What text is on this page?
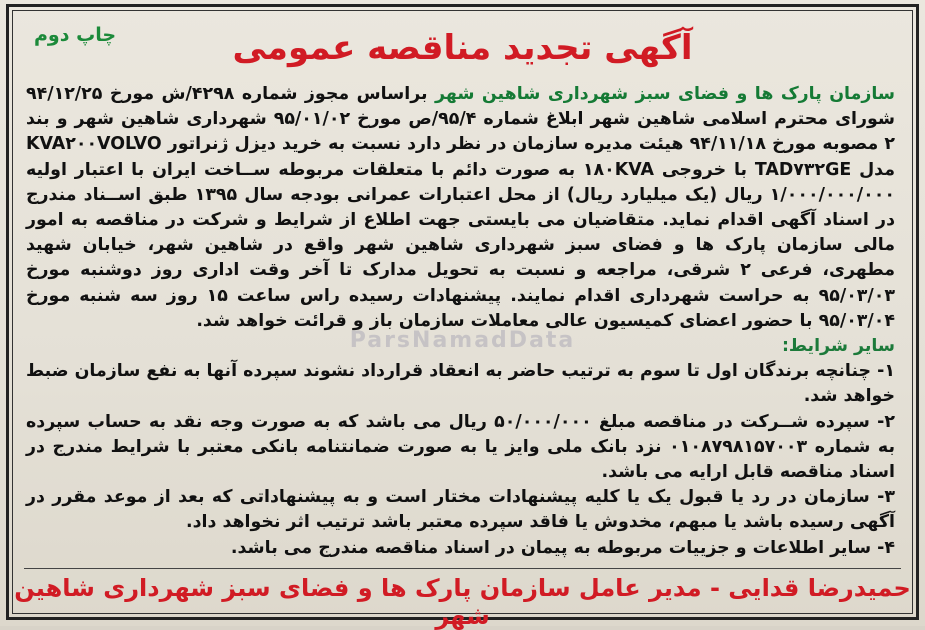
چاپ دوم	آگهی تجدید مناقصه عمومی

سازمان پارک ها و فضای سبز شهرداری شاهین شهر براساس مجوز شماره ۴۲۹۸/ش مورخ ۹۴/۱۲/۲۵ شورای محترم اسلامی شاهین شهر ابلاغ شماره ۹۵/۴/ص مورخ ۹۵/۰۱/۰۲ شهرداری شاهین شهر و بند ۲ مصوبه مورخ ۹۴/۱۱/۱۸ هیئت مدیره سازمان در نظر دارد نسبت به خرید دیزل ژنراتور KVA۲۰۰VOLVO مدل TAD۷۳۲GE با خروجی ۱۸۰KVA به صورت دائم با متعلقات مربوطه ســاخت ایران با اعتبار اولیه ۱/۰۰۰/۰۰۰/۰۰۰ ریال (یک میلیارد ریال) از محل اعتبارات عمرانی بودجه سال ۱۳۹۵ طبق اســناد مندرج در اسناد آگهی اقدام نماید. متقاضیان می بایستی جهت اطلاع از شرایط و شرکت در مناقصه به امور مالی سازمان پارک ها و فضای سبز شهرداری شاهین شهر واقع در شاهین شهر، خیابان شهید مطهری، فرعی ۲ شرقی، مراجعه و نسبت به تحویل مدارک تا آخر وقت اداری روز دوشنبه مورخ ۹۵/۰۳/۰۳ به حراست شهرداری اقدام نمایند. پیشنهادات رسیده راس ساعت ۱۵ روز سه شنبه مورخ ۹۵/۰۳/۰۴ با حضور اعضای کمیسیون عالی معاملات سازمان باز و قرائت خواهد شد.

سایر شرایط:

۱- چنانچه برندگان اول تا سوم به ترتیب حاضر به انعقاد قرارداد نشوند سپرده آنها به نفع سازمان ضبط خواهد شد.

۲- سپرده شــرکت در مناقصه مبلغ ۵۰/۰۰۰/۰۰۰ ریال می باشد که به صورت وجه نقد به حساب سپرده به شماره ۰۱۰۸۷۹۸۱۵۷۰۰۳ نزد بانک ملی وایز یا به صورت ضمانتنامه بانکی معتبر با شرایط مندرج در اسناد مناقصه قابل ارایه می باشد.

۳- سازمان در رد یا قبول یک یا کلیه پیشنهادات مختار است و به پیشنهاداتی که بعد از موعد مقرر در آگهی رسیده باشد یا مبهم، مخدوش یا فاقد سپرده معتبر باشد ترتیب اثر نخواهد داد.

۴- سایر اطلاعات و جزییات مربوطه به پیمان در اسناد مناقصه مندرج می باشد.

ParsNamadData
حمیدرضا قدایی - مدیر عامل سازمان پارک ها و فضای سبز شهرداری شاهین شهر
